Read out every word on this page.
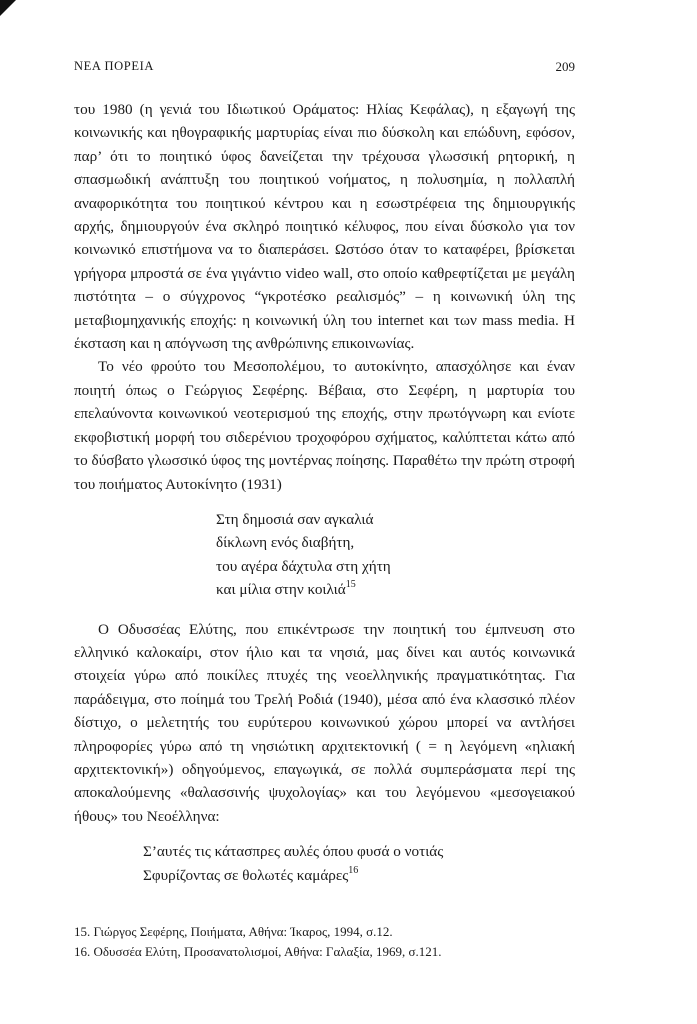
ΝΕΑ ΠΟΡΕΙΑ	209

του 1980 (η γενιά του Ιδιωτικού Οράματος: Ηλίας Κεφάλας), η εξαγωγή της κοινωνικής και ηθογραφικής μαρτυρίας είναι πιο δύσκολη και επώδυνη, εφόσον, παρ’ ότι το ποιητικό ύφος δανείζεται την τρέχουσα γλωσσική ρητορική, η σπασμωδική ανάπτυξη του ποιητικού νοήματος, η πολυσημία, η πολλαπλή αναφορικότητα του ποιητικού κέντρου και η εσωστρέφεια της δημιουργικής αρχής, δημιουργούν ένα σκληρό ποιητικό κέλυφος, που είναι δύσκολο για τον κοινωνικό επιστήμονα να το διαπεράσει. Ωστόσο όταν το καταφέρει, βρίσκεται γρήγορα μπροστά σε ένα γιγάντιο video wall, στο οποίο καθρεφτίζεται με μεγάλη πιστότητα – ο σύγχρονος “γκροτέσκο ρεαλισμός” – η κοινωνική ύλη της μεταβιομηχανικής εποχής: η κοινωνική ύλη του internet και των mass media. Η έκσταση και η απόγνωση της ανθρώπινης επικοινωνίας.

Το νέο φρούτο του Μεσοπολέμου, το αυτοκίνητο, απασχόλησε και έναν ποιητή όπως ο Γεώργιος Σεφέρης. Βέβαια, στο Σεφέρη, η μαρτυρία του επελαύνοντα κοινωνικού νεοτερισμού της εποχής, στην πρωτόγνωρη και ενίοτε εκφοβιστική μορφή του σιδερένιου τροχοφόρου σχήματος, καλύπτεται κάτω από το δύσβατο γλωσσικό ύφος της μοντέρνας ποίησης. Παραθέτω την πρώτη στροφή του ποιήματος Αυτοκίνητο (1931)

Στη δημοσιά σαν αγκαλιά
δίκλωνη ενός διαβήτη,
του αγέρα δάχτυλα στη χήτη
και μίλια στην κοιλιά$^{15}$

Ο Οδυσσέας Ελύτης, που επικέντρωσε την ποιητική του έμπνευση στο ελληνικό καλοκαίρι, στον ήλιο και τα νησιά, μας δίνει και αυτός κοινωνικά στοιχεία γύρω από ποικίλες πτυχές της νεοελληνικής πραγματικότητας. Για παράδειγμα, στο ποίημά του Τρελή Ροδιά (1940), μέσα από ένα κλασσικό πλέον δίστιχο, ο μελετητής του ευρύτερου κοινωνικού χώρου μπορεί να αντλήσει πληροφορίες γύρω από τη νησιώτικη αρχιτεκτονική ( = η λεγόμενη «ηλιακή αρχιτεκτονική») οδηγούμενος, επαγωγικά, σε πολλά συμπεράσματα περί της αποκαλούμενης «θαλασσινής ψυχολογίας» και του λεγόμενου «μεσογειακού ήθους» του Νεοέλληνα:

Σ’αυτές τις κάτασπρες αυλές όπου φυσά ο νοτιάς
Σφυρίζοντας σε θολωτές καμάρες$^{16}$
15. Γιώργος Σεφέρης, Ποιήματα, Αθήνα: Ίκαρος, 1994, σ.12.
16. Οδυσσέα Ελύτη, Προσανατολισμοί, Αθήνα: Γαλαξία, 1969, σ.121.
